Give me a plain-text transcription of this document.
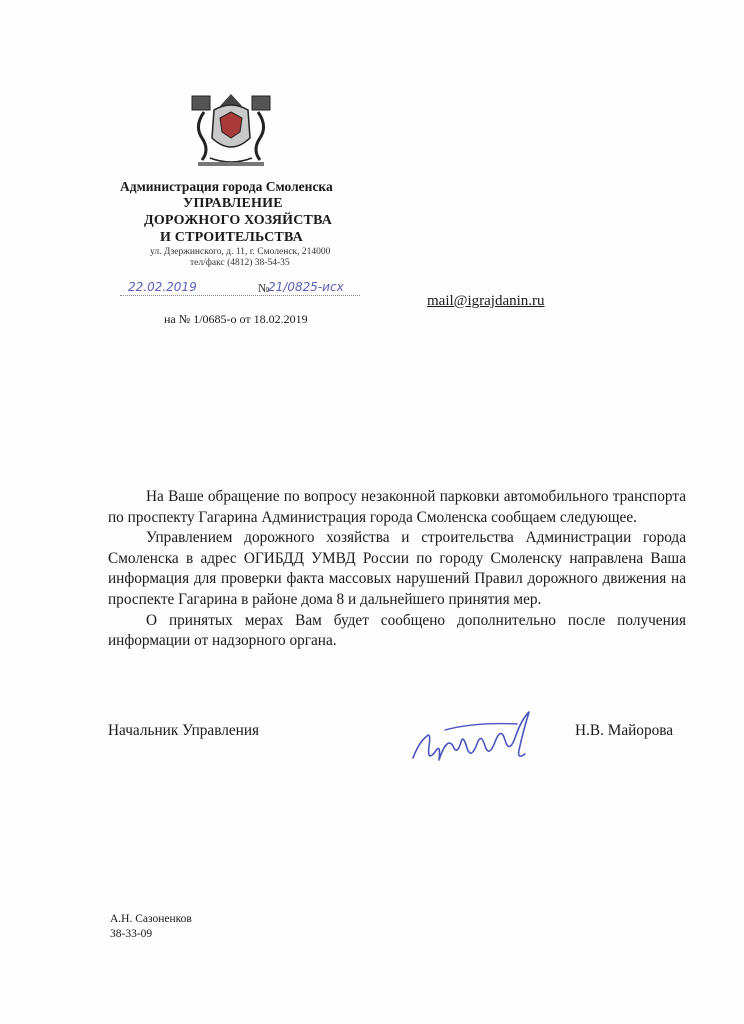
Администрация города Смоленска
УПРАВЛЕНИЕ
ДОРОЖНОГО ХОЗЯЙСТВА
И СТРОИТЕЛЬСТВА
ул. Дзержинского, д. 11, г. Смоленск, 214000
тел/факс (4812) 38-54-35
22.02.2019	№
21/0825-исх
на № 1/0685-о от 18.02.2019
mail@igrajdanin.ru

На Ваше обращение по вопросу незаконной парковки автомобильного транспорта по проспекту Гагарина Администрация города Смоленска сообщаем следующее.

Управлением дорожного хозяйства и строительства Администрации города Смоленска в адрес ОГИБДД УМВД России по городу Смоленску направлена Ваша информация для проверки факта массовых нарушений Правил дорожного движения на проспекте Гагарина в районе дома 8 и дальнейшего принятия мер.

О принятых мерах Вам будет сообщено дополнительно после получения информации от надзорного органа.

Начальник Управления	Н.В. Майорова
А.Н. Сазоненков
38-33-09
